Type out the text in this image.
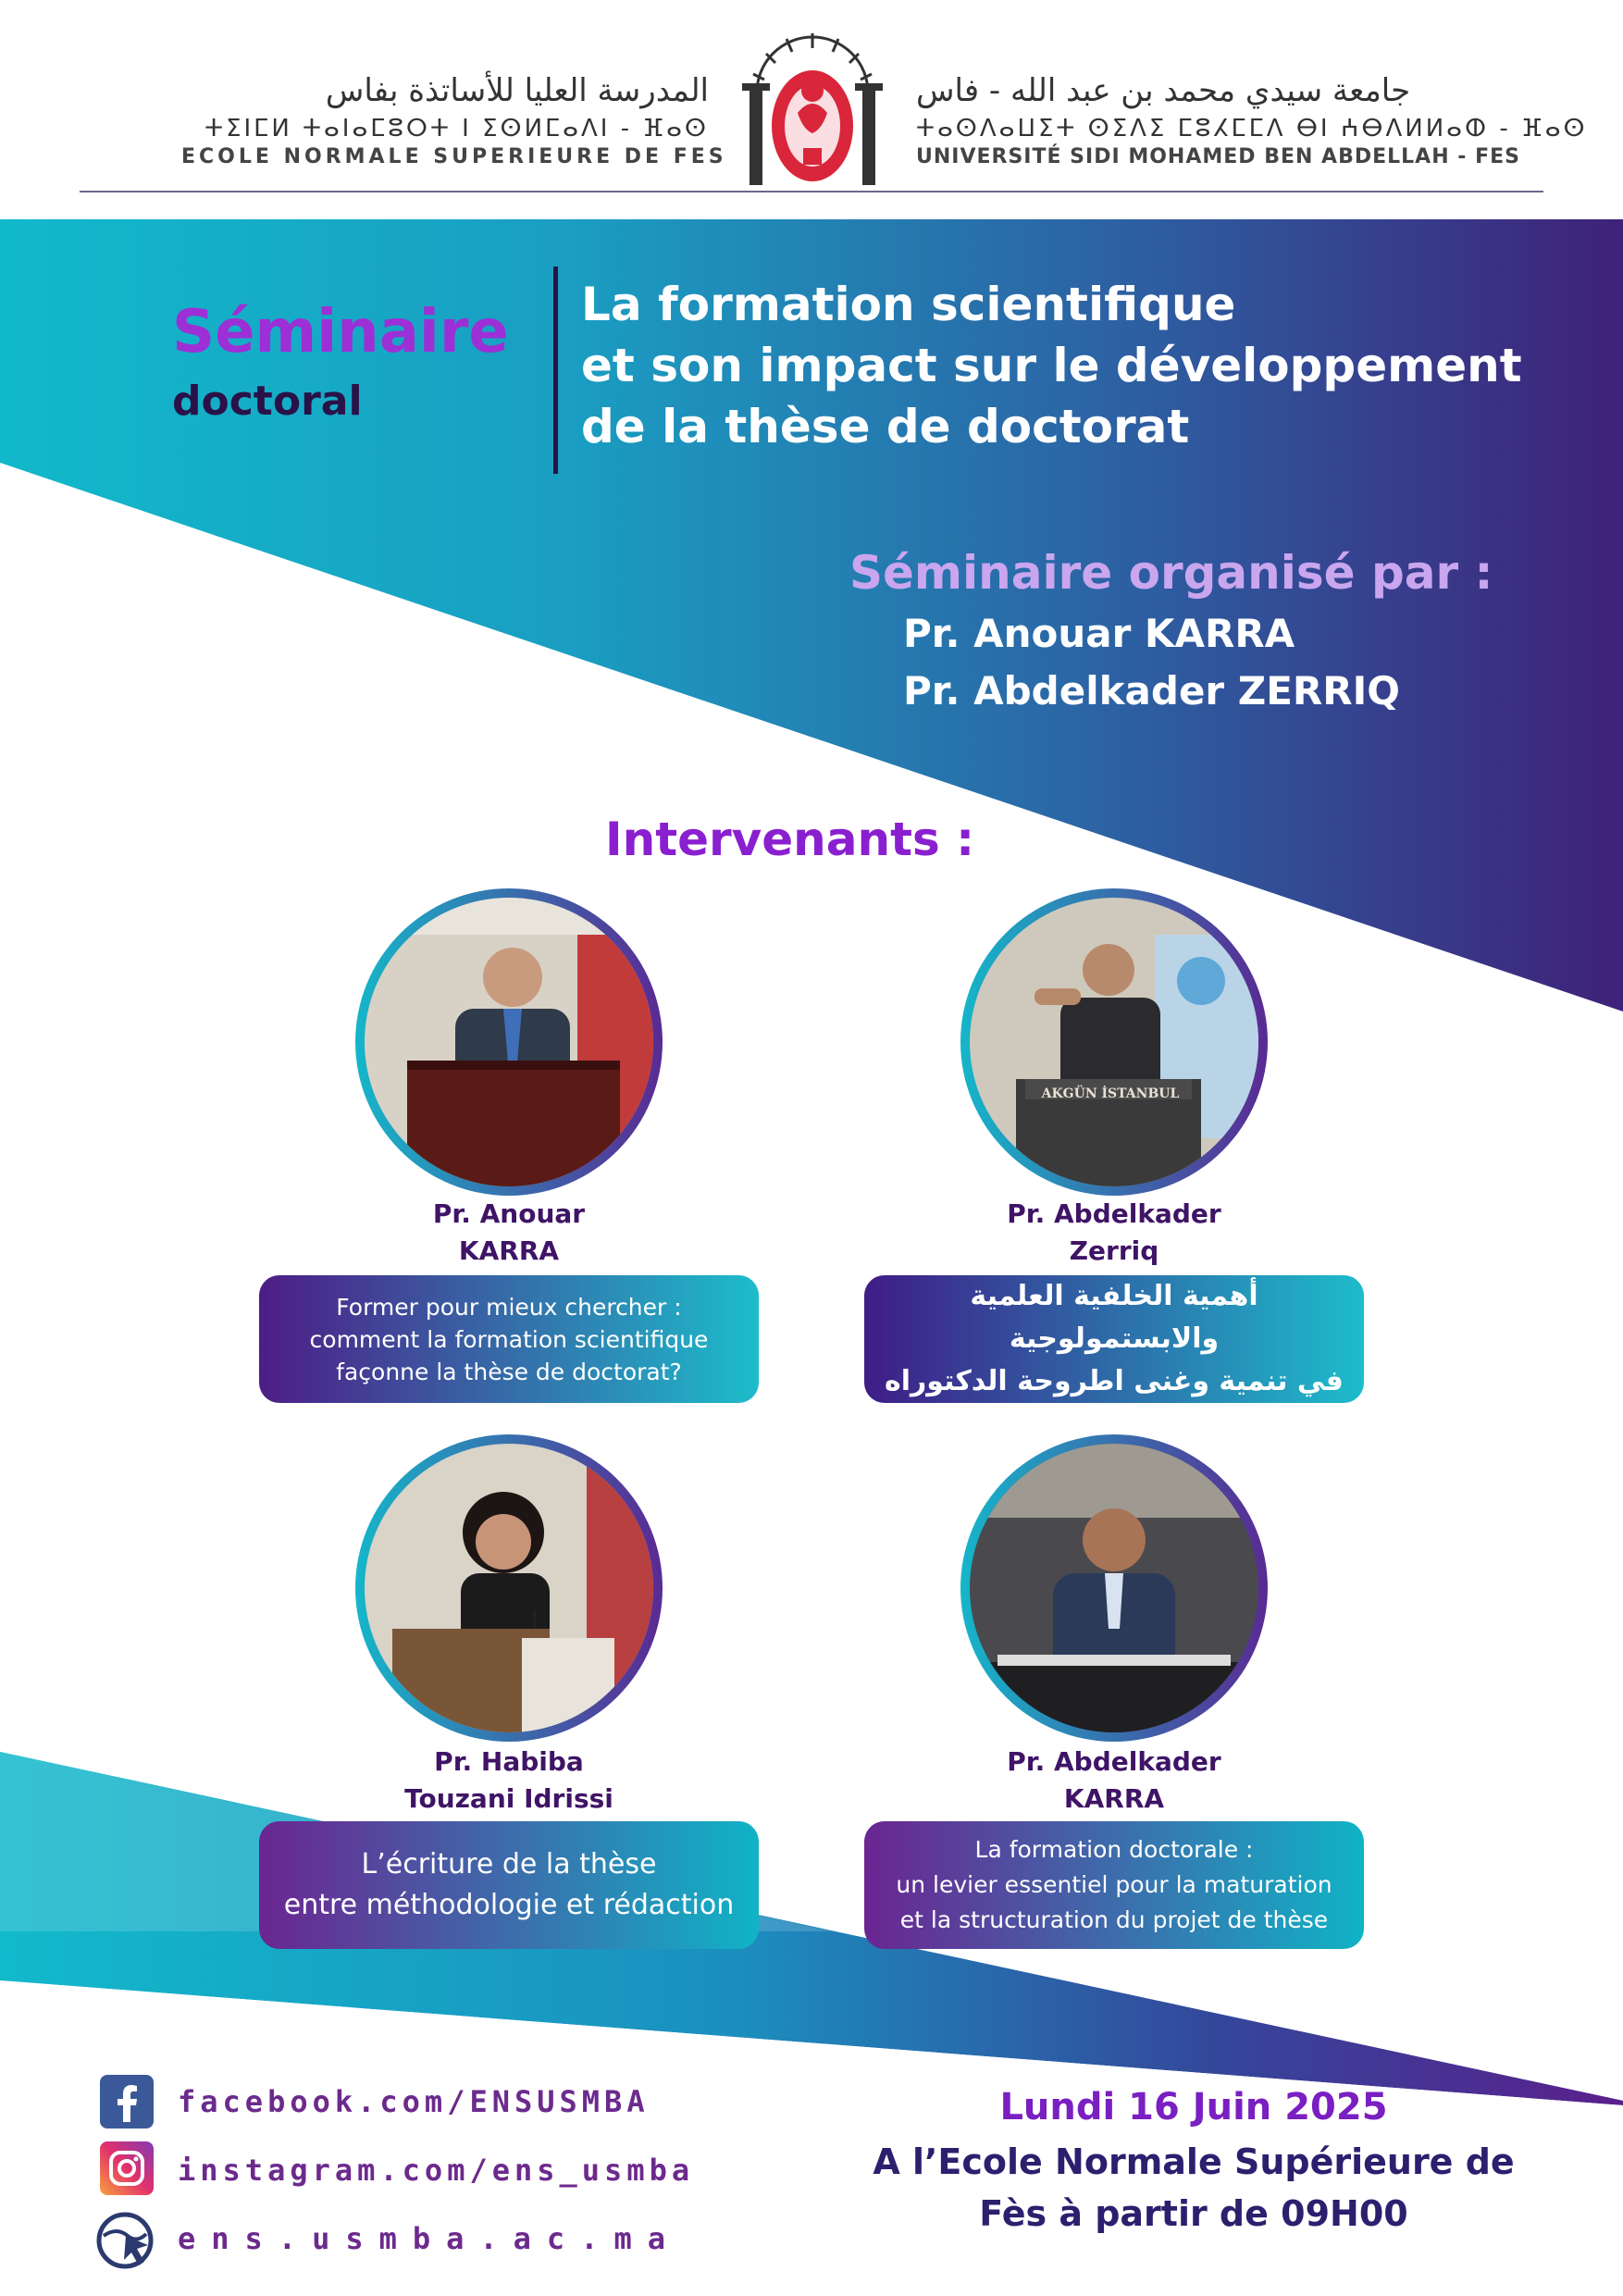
المدرسة العليا للأساتذة بفاس
ⵜⵉⵏⵎⵍ ⵜⴰⵏⴰⵎⵓⵔⵜ ⵏ ⵉⵙⵍⵎⴰⴷⵏ - ⴼⴰⵙ
ECOLE NORMALE SUPERIEURE DE FES
جامعة سيدي محمد بن عبد الله - فاس
ⵜⴰⵙⴷⴰⵡⵉⵜ ⵙⵉⴷⵉ ⵎⵓⵃⵎⵎⴷ ⴱⵏ ⵄⴱⴷⵍⵍⴰⵀ - ⴼⴰⵙ
UNIVERSITÉ SIDI MOHAMED BEN ABDELLAH - FES
Séminaire
doctoral
La formation scientifique
et son impact sur le développement
de la thèse de doctorat
Séminaire organisé par :
Pr. Anouar KARRA
Pr. Abdelkader ZERRIQ
Intervenants :
Pr. Anouar
KARRA
Former pour mieux chercher :
comment la formation scientifique
façonne la thèse de doctorat?
AKGÜN İSTANBUL
Pr. Abdelkader
Zerriq
أهمية الخلفية العلمية والابستمولوجية
في تنمية وغنى اطروحة الدكتوراه
Pr. Habiba
Touzani Idrissi
L’écriture de la thèse
entre méthodologie et rédaction
Pr. Abdelkader
KARRA
La formation doctorale :
un levier essentiel pour la maturation
et la structuration du projet de thèse
facebook.com/ENSUSMBA
instagram.com/ens_usmba
ens.usmba.ac.ma
Lundi 16 Juin 2025
A l’Ecole Normale Supérieure de
Fès à partir de 09H00
